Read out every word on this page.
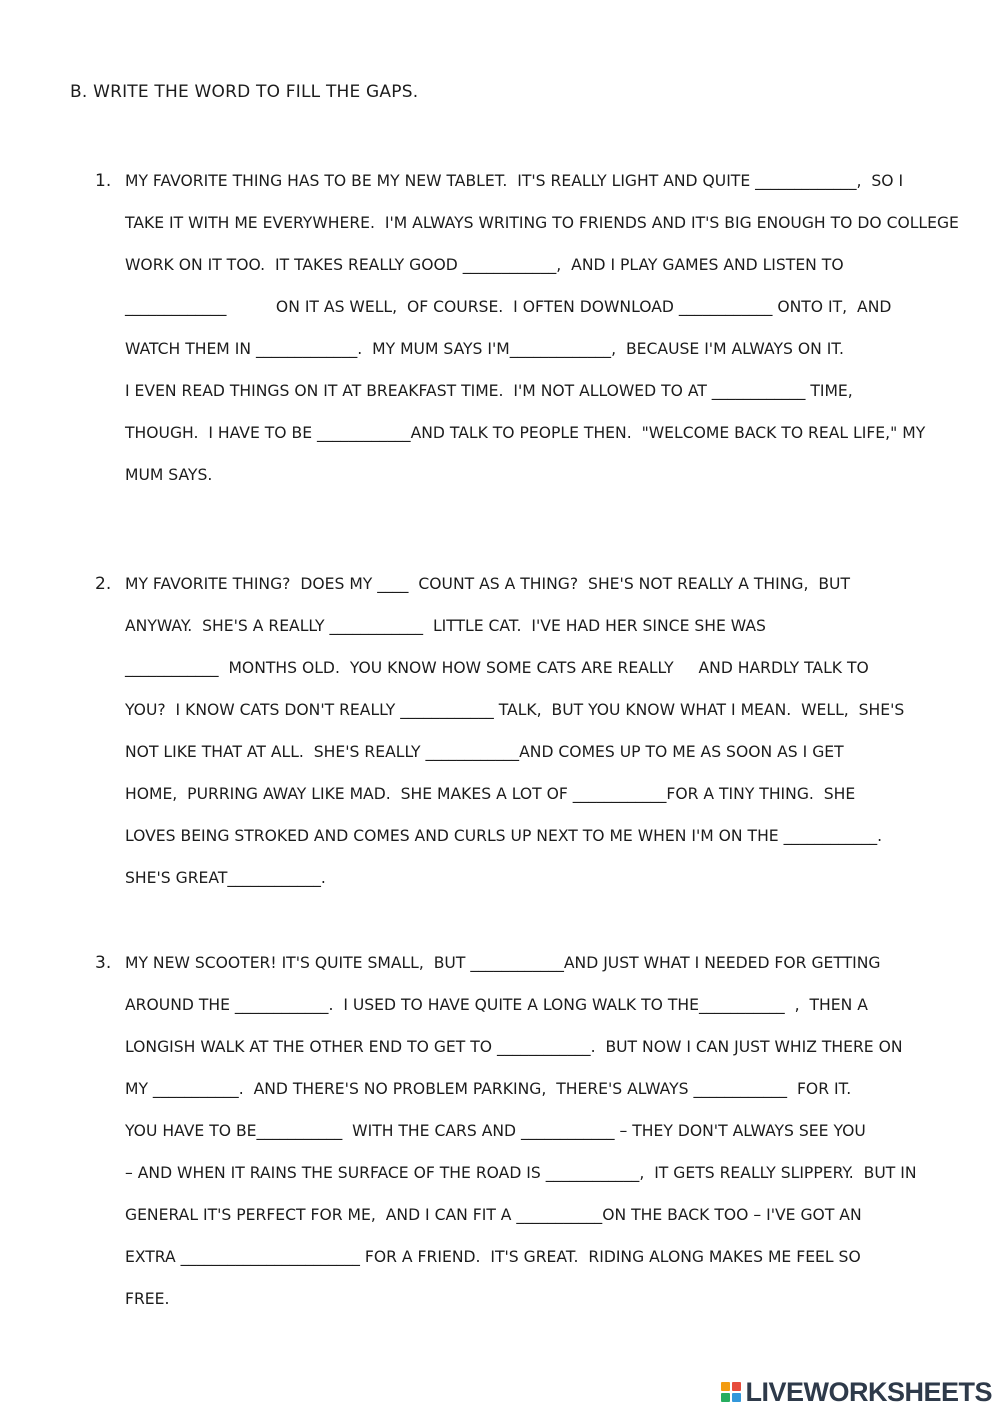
B. WRITE THE WORD TO FILL THE GAPS.
1. MY FAVORITE THING HAS TO BE MY NEW TABLET.  IT'S REALLY LIGHT AND QUITE _____________,  SO I
TAKE IT WITH ME EVERYWHERE.  I'M ALWAYS WRITING TO FRIENDS AND IT'S BIG ENOUGH TO DO COLLEGE
WORK ON IT TOO.  IT TAKES REALLY GOOD ____________,  AND I PLAY GAMES AND LISTEN TO
_____________          ON IT AS WELL,  OF COURSE.  I OFTEN DOWNLOAD ____________ ONTO IT,  AND
WATCH THEM IN _____________.  MY MUM SAYS I'M_____________,  BECAUSE I'M ALWAYS ON IT.
I EVEN READ THINGS ON IT AT BREAKFAST TIME.  I'M NOT ALLOWED TO AT ____________ TIME,
THOUGH.  I HAVE TO BE ____________AND TALK TO PEOPLE THEN.  "WELCOME BACK TO REAL LIFE," MY
MUM SAYS.
2. MY FAVORITE THING?  DOES MY ____  COUNT AS A THING?  SHE'S NOT REALLY A THING,  BUT
ANYWAY.  SHE'S A REALLY ____________  LITTLE CAT.  I'VE HAD HER SINCE SHE WAS
____________  MONTHS OLD.  YOU KNOW HOW SOME CATS ARE REALLY     AND HARDLY TALK TO
YOU?  I KNOW CATS DON'T REALLY ____________ TALK,  BUT YOU KNOW WHAT I MEAN.  WELL,  SHE'S
NOT LIKE THAT AT ALL.  SHE'S REALLY ____________AND COMES UP TO ME AS SOON AS I GET
HOME,  PURRING AWAY LIKE MAD.  SHE MAKES A LOT OF ____________FOR A TINY THING.  SHE
LOVES BEING STROKED AND COMES AND CURLS UP NEXT TO ME WHEN I'M ON THE ____________.
SHE'S GREAT____________.
3. MY NEW SCOOTER! IT'S QUITE SMALL,  BUT ____________AND JUST WHAT I NEEDED FOR GETTING
AROUND THE ____________.  I USED TO HAVE QUITE A LONG WALK TO THE___________  ,  THEN A
LONGISH WALK AT THE OTHER END TO GET TO ____________.  BUT NOW I CAN JUST WHIZ THERE ON
MY ___________.  AND THERE'S NO PROBLEM PARKING,  THERE'S ALWAYS ____________  FOR IT.
YOU HAVE TO BE___________  WITH THE CARS AND ____________ – THEY DON'T ALWAYS SEE YOU
– AND WHEN IT RAINS THE SURFACE OF THE ROAD IS ____________,  IT GETS REALLY SLIPPERY.  BUT IN
GENERAL IT'S PERFECT FOR ME,  AND I CAN FIT A ___________ON THE BACK TOO – I'VE GOT AN
EXTRA _______________________ FOR A FRIEND.  IT'S GREAT.  RIDING ALONG MAKES ME FEEL SO
FREE.
LIVEWORKSHEETS
